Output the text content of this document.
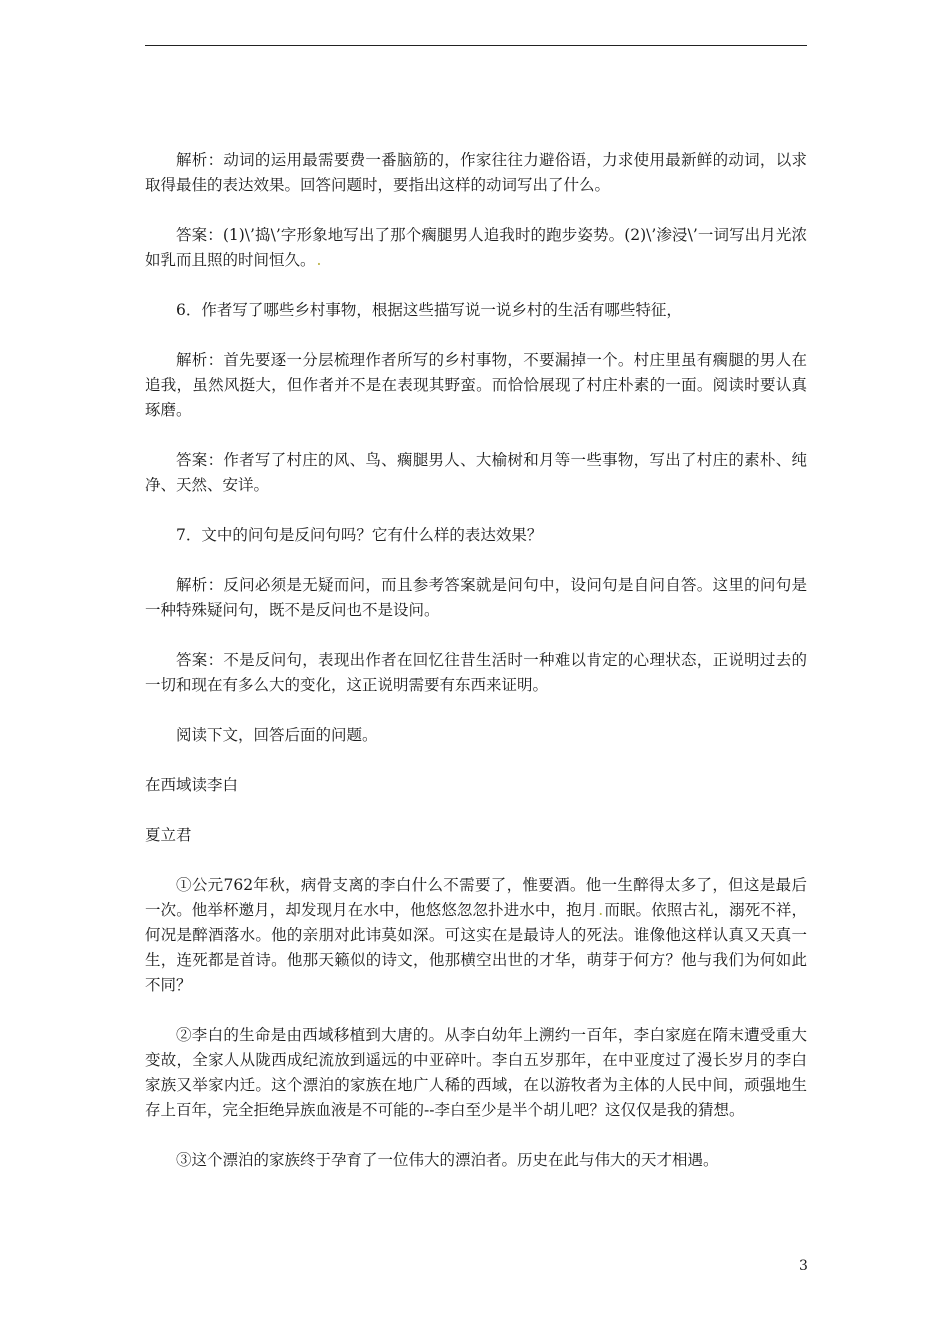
解析：动词的运用最需要费一番脑筋的，作家往往力避俗语，力求使用最新鲜的动词，以求取得最佳的表达效果。回答问题时，要指出这样的动词写出了什么。

答案：(1)\’捣\’字形象地写出了那个瘸腿男人追我时的跑步姿势。(2)\’渗浸\’一词写出月光浓如乳而且照的时间恒久。.

6．作者写了哪些乡村事物，根据这些描写说一说乡村的生活有哪些特征，

解析：首先要逐一分层梳理作者所写的乡村事物，不要漏掉一个。村庄里虽有瘸腿的男人在追我，虽然风挺大，但作者并不是在表现其野蛮。而恰恰展现了村庄朴素的一面。阅读时要认真琢磨。

答案：作者写了村庄的风、鸟、瘸腿男人、大榆树和月等一些事物，写出了村庄的素朴、纯净、天然、安详。

7．文中的问句是反问句吗？它有什么样的表达效果？

解析：反问必须是无疑而问，而且参考答案就是问句中，设问句是自问自答。这里的问句是一种特殊疑问句，既不是反问也不是设问。

答案：不是反问句，表现出作者在回忆往昔生活时一种难以肯定的心理状态，正说明过去的一切和现在有多么大的变化，这正说明需要有东西来证明。

阅读下文，回答后面的问题。

在西域读李白

夏立君

①公元762年秋，病骨支离的李白什么不需要了，惟要酒。他一生醉得太多了，但这是最后一次。他举杯邀月，却发现月在水中，他悠悠忽忽扑进水中，抱月.而眠。依照古礼，溺死不祥，何况是醉酒落水。他的亲朋对此讳莫如深。可这实在是最诗人的死法。谁像他这样认真又天真一生，连死都是首诗。他那天籁似的诗文，他那横空出世的才华，萌芽于何方？他与我们为何如此不同？

②李白的生命是由西域移植到大唐的。从李白幼年上溯约一百年，李白家庭在隋末遭受重大变故，全家人从陇西成纪流放到遥远的中亚碎叶。李白五岁那年，在中亚度过了漫长岁月的李白家族又举家内迁。这个漂泊的家族在地广人稀的西域，在以游牧者为主体的人民中间，顽强地生存上百年，完全拒绝异族血液是不可能的--李白至少是半个胡儿吧？这仅仅是我的猜想。

③这个漂泊的家族终于孕育了一位伟大的漂泊者。历史在此与伟大的天才相遇。

3
